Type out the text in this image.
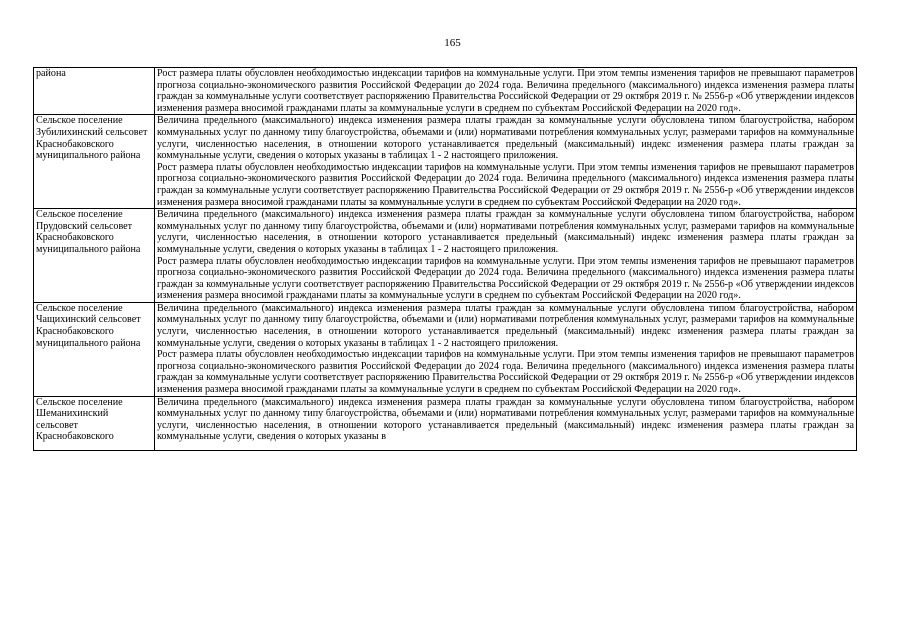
165
района	Рост размера платы обусловлен необходимостью индексации тарифов на коммунальные услуги. При этом темпы изменения тарифов не превышают параметров прогноза социально-экономического развития Российской Федерации до 2024 года. Величина предельного (максимального) индекса изменения размера платы граждан за коммунальные услуги соответствует распоряжению Правительства Российской Федерации от 29 октября 2019 г. № 2556-р «Об утверждении индексов изменения размера вносимой гражданами платы за коммунальные услуги в среднем по субъектам Российской Федерации на 2020 год».

Сельское поселение Зубилихинский сельсовет Краснобаковского муниципального района	Величина предельного (максимального) индекса изменения размера платы граждан за коммунальные услуги обусловлена типом благоустройства, набором коммунальных услуг по данному типу благоустройства, объемами и (или) нормативами потребления коммунальных услуг, размерами тарифов на коммунальные услуги, численностью населения, в отношении которого устанавливается предельный (максимальный) индекс изменения размера платы граждан за коммунальные услуги, сведения о которых указаны в таблицах 1 - 2 настоящего приложения.
Рост размера платы обусловлен необходимостью индексации тарифов на коммунальные услуги. При этом темпы изменения тарифов не превышают параметров прогноза социально-экономического развития Российской Федерации до 2024 года. Величина предельного (максимального) индекса изменения размера платы граждан за коммунальные услуги соответствует распоряжению Правительства Российской Федерации от 29 октября 2019 г. № 2556-р «Об утверждении индексов изменения размера вносимой гражданами платы за коммунальные услуги в среднем по субъектам Российской Федерации на 2020 год».

Сельское поселение Прудовский сельсовет Краснобаковского муниципального района	Величина предельного (максимального) индекса изменения размера платы граждан за коммунальные услуги обусловлена типом благоустройства, набором коммунальных услуг по данному типу благоустройства, объемами и (или) нормативами потребления коммунальных услуг, размерами тарифов на коммунальные услуги, численностью населения, в отношении которого устанавливается предельный (максимальный) индекс изменения размера платы граждан за коммунальные услуги, сведения о которых указаны в таблицах 1 - 2 настоящего приложения.
Рост размера платы обусловлен необходимостью индексации тарифов на коммунальные услуги. При этом темпы изменения тарифов не превышают параметров прогноза социально-экономического развития Российской Федерации до 2024 года. Величина предельного (максимального) индекса изменения размера платы граждан за коммунальные услуги соответствует распоряжению Правительства Российской Федерации от 29 октября 2019 г. № 2556-р «Об утверждении индексов изменения размера вносимой гражданами платы за коммунальные услуги в среднем по субъектам Российской Федерации на 2020 год».

Сельское поселение Чащихинский сельсовет Краснобаковского муниципального района	Величина предельного (максимального) индекса изменения размера платы граждан за коммунальные услуги обусловлена типом благоустройства, набором коммунальных услуг по данному типу благоустройства, объемами и (или) нормативами потребления коммунальных услуг, размерами тарифов на коммунальные услуги, численностью населения, в отношении которого устанавливается предельный (максимальный) индекс изменения размера платы граждан за коммунальные услуги, сведения о которых указаны в таблицах 1 - 2 настоящего приложения.
Рост размера платы обусловлен необходимостью индексации тарифов на коммунальные услуги. При этом темпы изменения тарифов не превышают параметров прогноза социально-экономического развития Российской Федерации до 2024 года. Величина предельного (максимального) индекса изменения размера платы граждан за коммунальные услуги соответствует распоряжению Правительства Российской Федерации от 29 октября 2019 г. № 2556-р «Об утверждении индексов изменения размера вносимой гражданами платы за коммунальные услуги в среднем по субъектам Российской Федерации на 2020 год».

Сельское поселение Шеманихинский сельсовет Краснобаковского	Величина предельного (максимального) индекса изменения размера платы граждан за коммунальные услуги обусловлена типом благоустройства, набором коммунальных услуг по данному типу благоустройства, объемами и (или) нормативами потребления коммунальных услуг, размерами тарифов на коммунальные услуги, численностью населения, в отношении которого устанавливается предельный (максимальный) индекс изменения размера платы граждан за коммунальные услуги, сведения о которых указаны в
